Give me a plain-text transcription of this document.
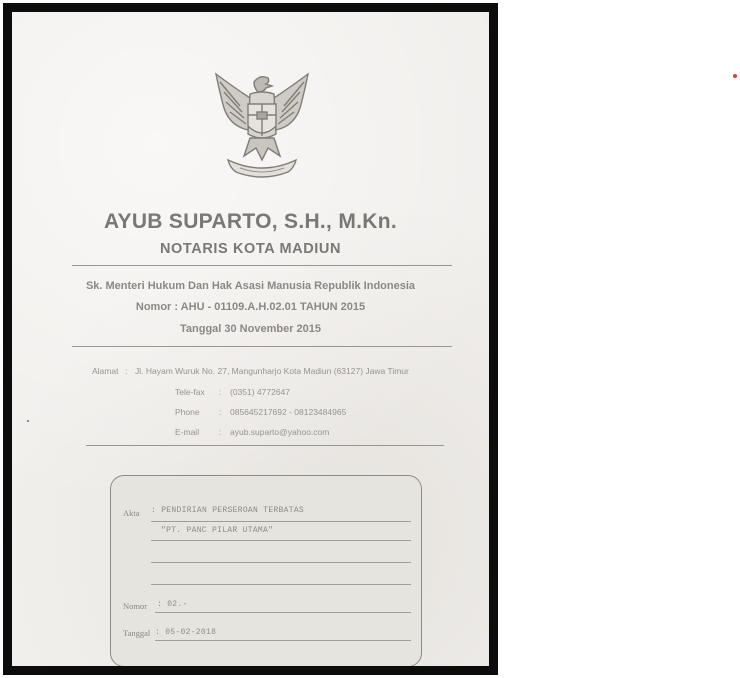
AYUB SUPARTO, S.H., M.Kn.
NOTARIS KOTA MADIUN
Sk. Menteri Hukum Dan Hak Asasi Manusia Republik Indonesia
Nomor : AHU - 01109.A.H.02.01 TAHUN 2015
Tanggal 30 November 2015
Alamat : Jl. Hayam Wuruk No. 27, Mangunharjo Kota Madiun (63127) Jawa Timur
Tele-fax : (0351) 4772647
Phone : 085645217692 - 08123484965
E-mail : ayub.suparto@yahoo.com
Akta : PENDIRIAN PERSEROAN TERBATAS
"PT. PANC PILAR UTAMA"
Nomor : 02.-
Tanggal : 05-02-2018
